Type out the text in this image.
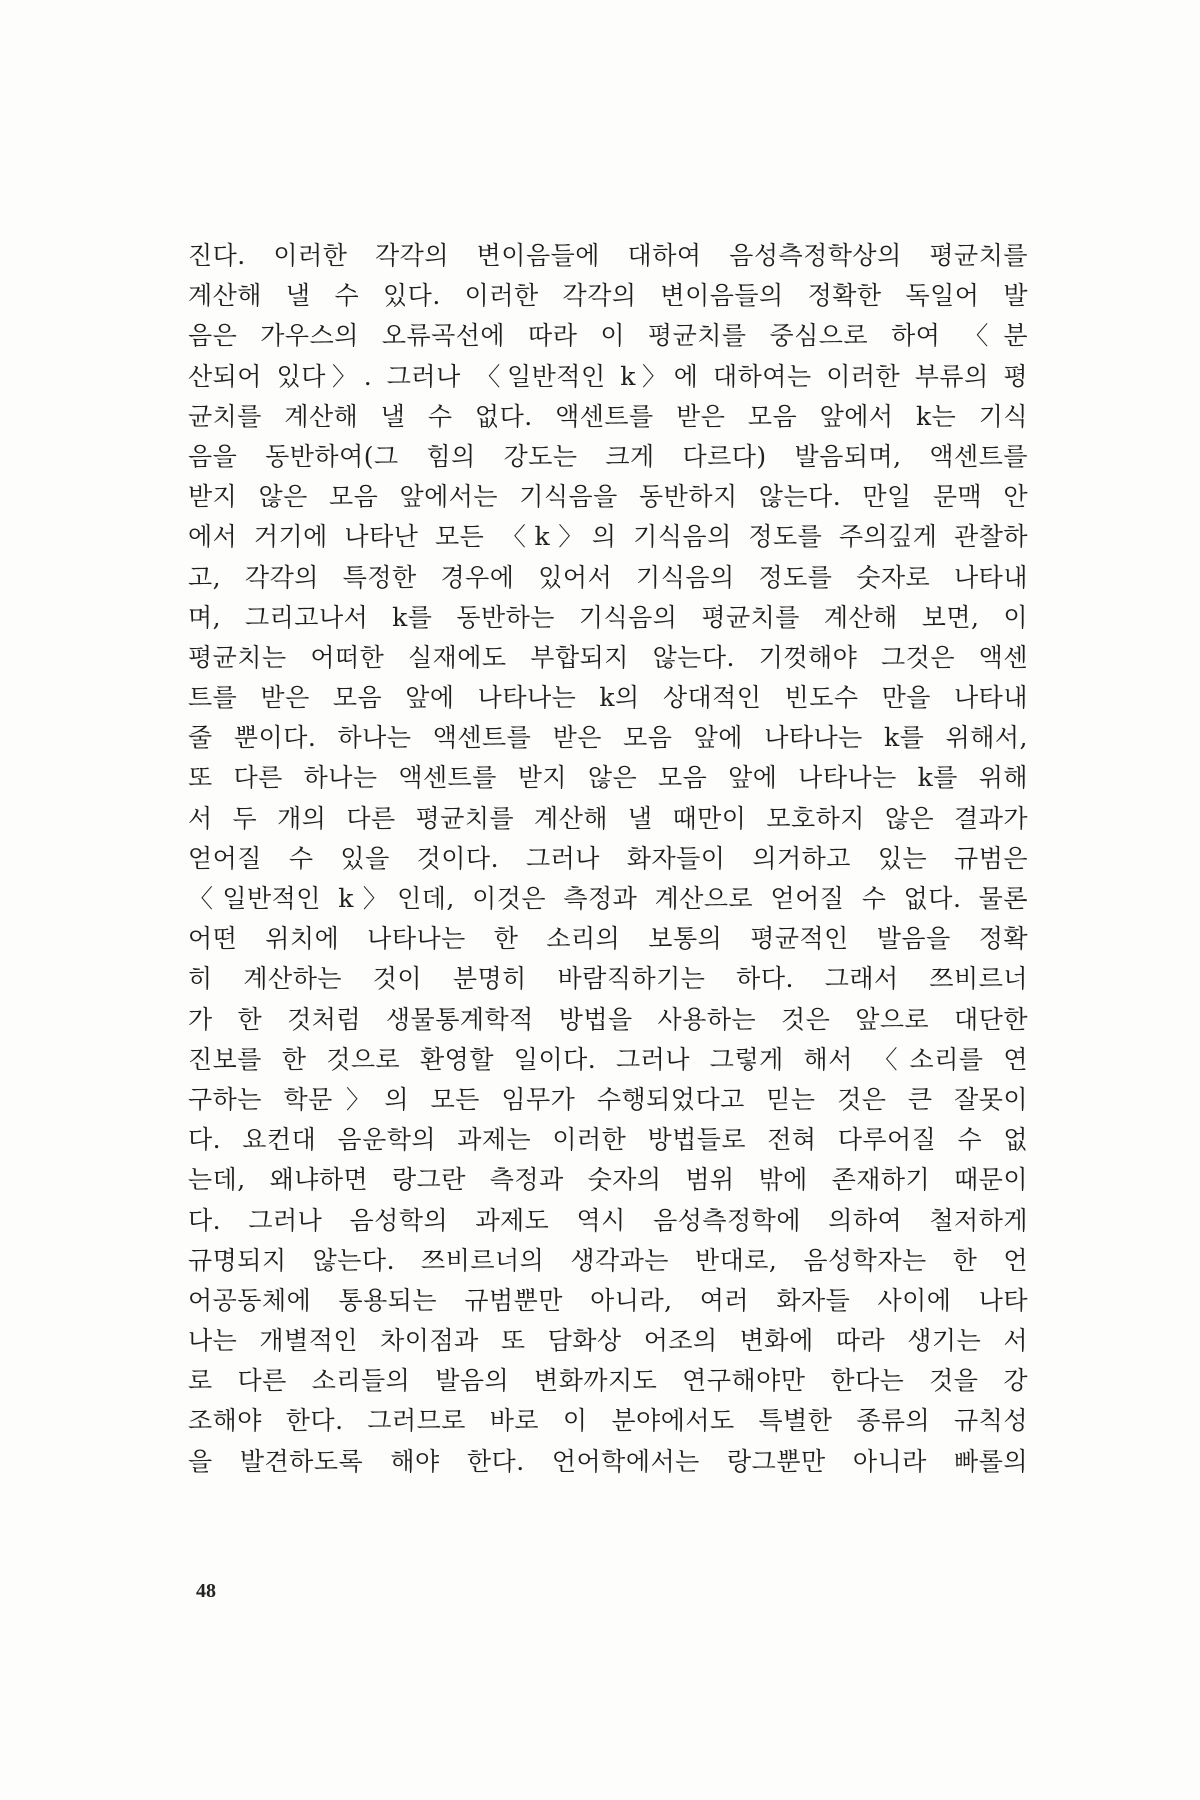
진다. 이러한 각각의 변이음들에 대하여 음성측정학상의 평균치를
계산해 낼 수 있다. 이러한 각각의 변이음들의 정확한 독일어 발
음은 가우스의 오류곡선에 따라 이 평균치를 중심으로 하여 〈분
산되어 있다〉. 그러나 〈일반적인 k〉에 대하여는 이러한 부류의 평
균치를 계산해 낼 수 없다. 액센트를 받은 모음 앞에서 k는 기식
음을 동반하여(그 힘의 강도는 크게 다르다) 발음되며, 액센트를
받지 않은 모음 앞에서는 기식음을 동반하지 않는다. 만일 문맥 안
에서 거기에 나타난 모든 〈k〉의 기식음의 정도를 주의깊게 관찰하
고, 각각의 특정한 경우에 있어서 기식음의 정도를 숫자로 나타내
며, 그리고나서 k를 동반하는 기식음의 평균치를 계산해 보면, 이
평균치는 어떠한 실재에도 부합되지 않는다. 기껏해야 그것은 액센
트를 받은 모음 앞에 나타나는 k의 상대적인 빈도수 만을 나타내
줄 뿐이다. 하나는 액센트를 받은 모음 앞에 나타나는 k를 위해서,
또 다른 하나는 액센트를 받지 않은 모음 앞에 나타나는 k를 위해
서 두 개의 다른 평균치를 계산해 낼 때만이 모호하지 않은 결과가
얻어질 수 있을 것이다. 그러나 화자들이 의거하고 있는 규범은
〈일반적인 k〉인데, 이것은 측정과 계산으로 얻어질 수 없다. 물론
어떤 위치에 나타나는 한 소리의 보통의 평균적인 발음을 정확
히 계산하는 것이 분명히 바람직하기는 하다. 그래서 쯔비르너
가 한 것처럼 생물통계학적 방법을 사용하는 것은 앞으로 대단한
진보를 한 것으로 환영할 일이다. 그러나 그렇게 해서 〈소리를 연
구하는 학문〉의 모든 임무가 수행되었다고 믿는 것은 큰 잘못이
다. 요컨대 음운학의 과제는 이러한 방법들로 전혀 다루어질 수 없
는데, 왜냐하면 랑그란 측정과 숫자의 범위 밖에 존재하기 때문이
다. 그러나 음성학의 과제도 역시 음성측정학에 의하여 철저하게
규명되지 않는다. 쯔비르너의 생각과는 반대로, 음성학자는 한 언
어공동체에 통용되는 규범뿐만 아니라, 여러 화자들 사이에 나타
나는 개별적인 차이점과 또 담화상 어조의 변화에 따라 생기는 서
로 다른 소리들의 발음의 변화까지도 연구해야만 한다는 것을 강
조해야 한다. 그러므로 바로 이 분야에서도 특별한 종류의 규칙성
을 발견하도록 해야 한다. 언어학에서는 랑그뿐만 아니라 빠롤의
48
